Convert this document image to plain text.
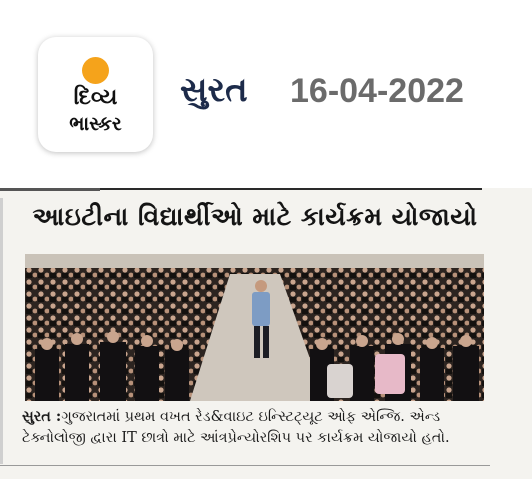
દિવ્ય
ભાસ્કર
સુરત 16-04-2022
આઇટીના વિદ્યાર્થીઓ માટે કાર્યક્રમ યોજાયો
સુરત :ગુજરાતમાં પ્રથમ વખત રેડ&વાઇટ ઇન્સ્ટિટ્યૂટ ઓફ એન્જિ. એન્ડ ટેક્નોલોજી દ્વારા IT છાત્રો માટે આંત્રપ્રેન્યોરશિપ પર કાર્યક્રમ યોજાયો હતો.
